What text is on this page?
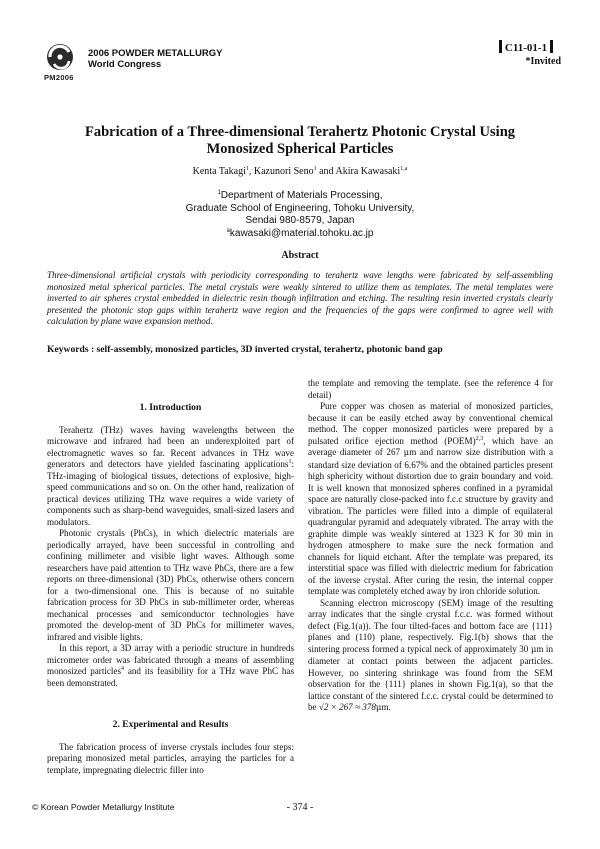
PM2006
2006 POWDER METALLURGY
World Congress
C11-01-1
*Invited
Fabrication of a Three-dimensional Terahertz Photonic Crystal Using
Monosized Spherical Particles
Kenta Takagi$^1$, Kazunori Seno$^1$ and Akira Kawasaki$^{1,a}$
$^1$Department of Materials Processing,
Graduate School of Engineering, Tohoku University,
Sendai 980-8579, Japan
$^a$kawasaki@material.tohoku.ac.jp
Abstract
Three-dimensional artificial crystals with periodicity corresponding to terahertz wave lengths were fabricated by self-assembling monosized metal spherical particles. The metal crystals were weakly sintered to utilize them as templates. The metal templates were inverted to air spheres crystal embedded in dielectric resin though infiltration and etching. The resulting resin inverted crystals clearly presented the photonic stop gaps within terahertz wave region and the frequencies of the gaps were confirmed to agree well with calculation by plane wave expansion method.
Keywords : self-assembly, monosized particles, 3D inverted crystal, terahertz, photonic band gap
1. Introduction

Terahertz (THz) waves having wavelengths between the microwave and infrared had been an underexploited part of electromagnetic waves so far. Recent advances in THz wave generators and detectors have yielded fascinating applications$^1$: THz-imaging of biological tissues, detections of explosive, high-speed communications and so on. On the other hand, realization of practical devices utilizing THz wave requires a wide variety of components such as sharp-bend waveguides, small-sized lasers and modulators.

Photonic crystals (PhCs), in which dielectric materials are periodically arrayed, have been successful in controlling and confining millimeter and visible light waves. Although some researchers have paid attention to THz wave PhCs, there are a few reports on three-dimensional (3D) PhCs, otherwise others concern for a two-dimensional one. This is because of no suitable fabrication process for 3D PhCs in sub-millimeter order, whereas mechanical processes and semiconductor technologies have promoted the develop-ment of 3D PhCs for millimeter waves, infrared and visible lights.

In this report, a 3D array with a periodic structure in hundreds micrometer order was fabricated through a means of assembling monosized particles$^4$ and its feasibility for a THz wave PhC has been demonstrated.

2. Experimental and Results

The fabrication process of inverse crystals includes four steps: preparing monosized metal particles, arraying the particles for a template, impregnating dielectric filler into

the template and removing the template. (see the reference 4 for detail)

Pure copper was chosen as material of monosized particles, because it can be easily etched away by conventional chemical method. The copper monosized particles were prepared by a pulsated orifice ejection method (POEM)$^{2,3}$, which have an average diameter of 267 μm and narrow size distribution with a standard size deviation of 6.67% and the obtained particles present high sphericity without distortion due to grain boundary and void. It is well known that monosized spheres confined in a pyramidal space are naturally close-packed into f.c.c structure by gravity and vibration. The particles were filled into a dimple of equilateral quadrangular pyramid and adequately vibrated. The array with the graphite dimple was weakly sintered at 1323 K for 30 min in hydrogen atmosphere to make sure the neck formation and channels for liquid etchant. After the template was prepared, its interstitial space was filled with dielectric medium for fabrication of the inverse crystal. After curing the resin, the internal copper template was completely etched away by iron chloride solution.

Scanning electron microscopy (SEM) image of the resulting array indicates that the single crystal f.c.c. was formed without defect (Fig.1(a)). The four tilted-faces and bottom face are {111} planes and (110) plane, respectively. Fig.1(b) shows that the sintering process formed a typical neck of approximately 30 μm in diameter at contact points between the adjacent particles. However, no sintering shrinkage was found from the SEM observation for the {111} planes in shown Fig.1(a), so that the lattice constant of the sintered f.c.c. crystal could be determined to be √2 × 267 ≈ 378μm.

© Korean Powder Metallurgy Institute	- 374 -
